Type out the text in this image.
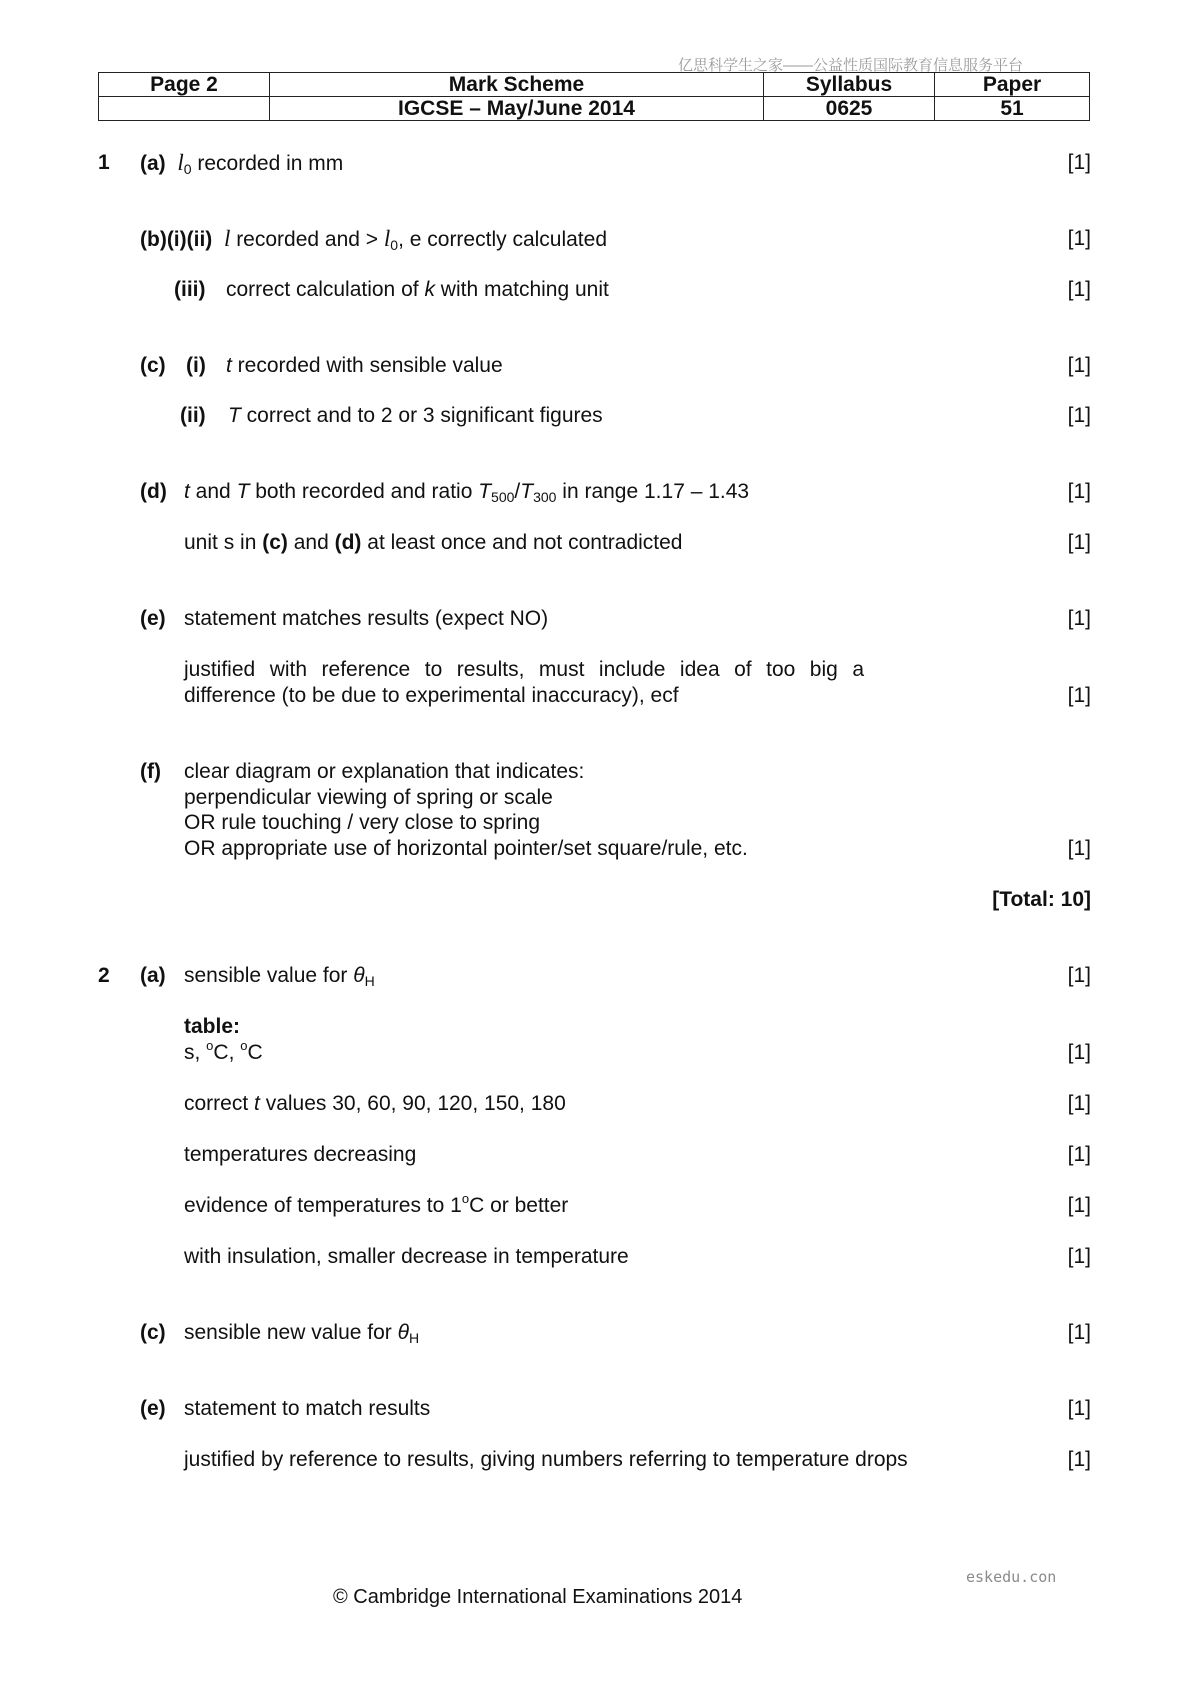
亿思科学生之家——公益性质国际教育信息服务平台
Page 2	Mark Scheme	Syllabus	Paper
	IGCSE – May/June 2014	0625	51
1 (a) $l_0$ recorded in mm	[1]
(b)(i)(ii) l recorded and > $l_0$, e correctly calculated	[1]
(iii) correct calculation of k with matching unit	[1]
(c) (i) t recorded with sensible value	[1]
(ii) T correct and to 2 or 3 significant figures	[1]
(d) t and T both recorded and ratio $T_{500}/T_{300}$ in range 1.17 – 1.43	[1]
unit s in (c) and (d) at least once and not contradicted	[1]
(e) statement matches results (expect NO)	[1]
justified with reference to results, must include idea of too big a
difference (to be due to experimental inaccuracy), ecf	[1]
(f) clear diagram or explanation that indicates:
perpendicular viewing of spring or scale
OR rule touching / very close to spring
OR appropriate use of horizontal pointer/set square/rule, etc.	[1]
[Total: 10]
2 (a) sensible value for $\theta_H$	[1]
table:
s, $^o$C, $^o$C	[1]
correct t values 30, 60, 90, 120, 150, 180	[1]
temperatures decreasing	[1]
evidence of temperatures to 1$^o$C or better	[1]
with insulation, smaller decrease in temperature	[1]
(c) sensible new value for $\theta_H$	[1]
(e) statement to match results	[1]
justified by reference to results, giving numbers referring to temperature drops	[1]
eskedu.con
© Cambridge International Examinations 2014
